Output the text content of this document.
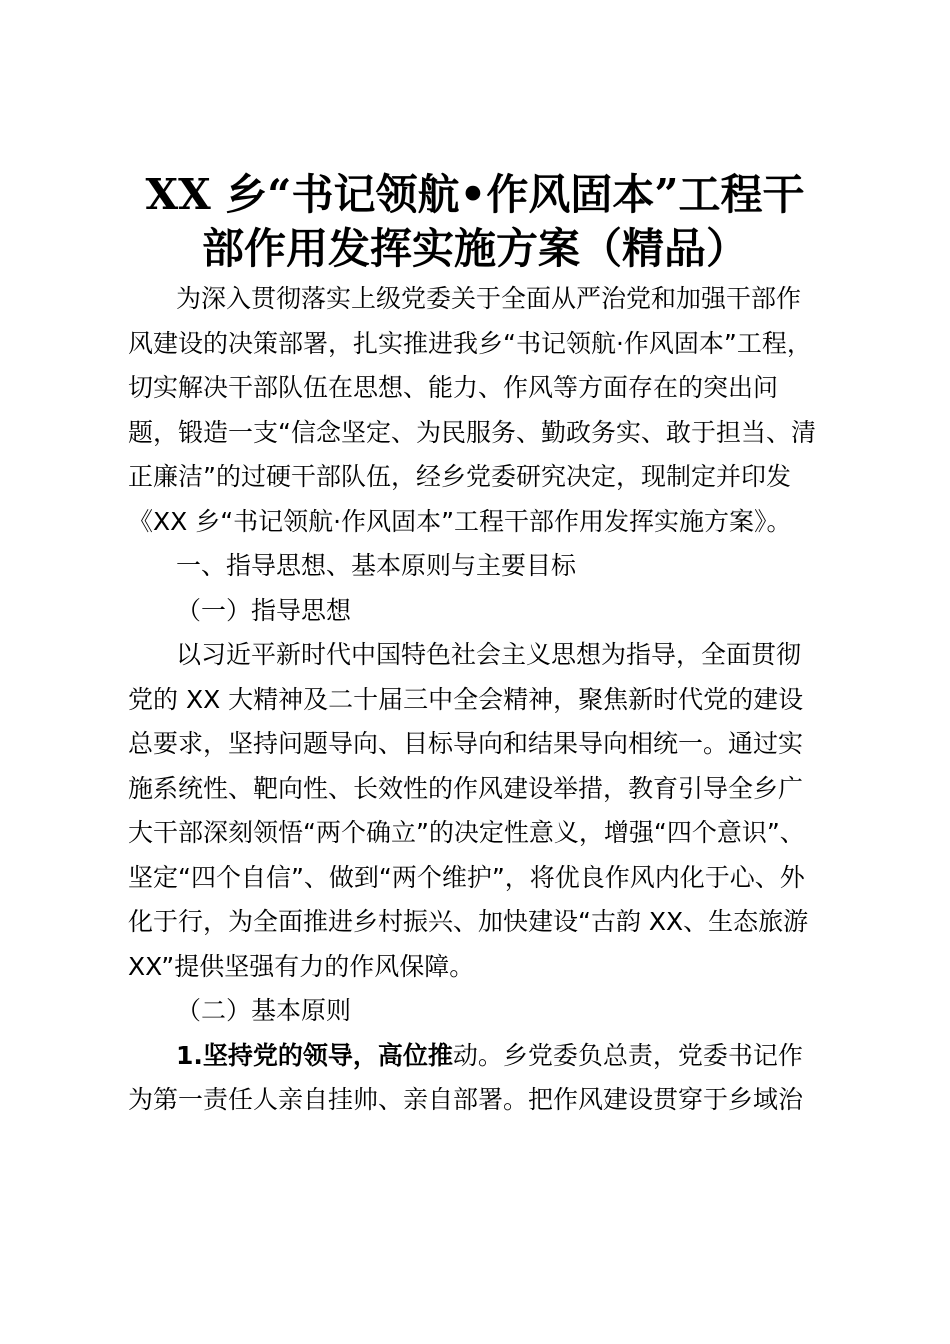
XX 乡“书记领航•作风固本”工程干
部作用发挥实施方案（精品）
为深入贯彻落实上级党委关于全面从严治党和加强干部作
风建设的决策部署，扎实推进我乡“书记领航·作风固本”工程，
切实解决干部队伍在思想、能力、作风等方面存在的突出问
题，锻造一支“信念坚定、为民服务、勤政务实、敢于担当、清
正廉洁”的过硬干部队伍，经乡党委研究决定，现制定并印发
《XX 乡“书记领航·作风固本”工程干部作用发挥实施方案》。
一、指导思想、基本原则与主要目标
（一）指导思想
以习近平新时代中国特色社会主义思想为指导，全面贯彻
党的 XX 大精神及二十届三中全会精神，聚焦新时代党的建设
总要求，坚持问题导向、目标导向和结果导向相统一。通过实
施系统性、靶向性、长效性的作风建设举措，教育引导全乡广
大干部深刻领悟“两个确立”的决定性意义，增强“四个意识”、
坚定“四个自信”、做到“两个维护”，将优良作风内化于心、外
化于行，为全面推进乡村振兴、加快建设“古韵 XX、生态旅游
XX”提供坚强有力的作风保障。
（二）基本原则
1.坚持党的领导，高位推动。乡党委负总责，党委书记作
为第一责任人亲自挂帅、亲自部署。把作风建设贯穿于乡域治
